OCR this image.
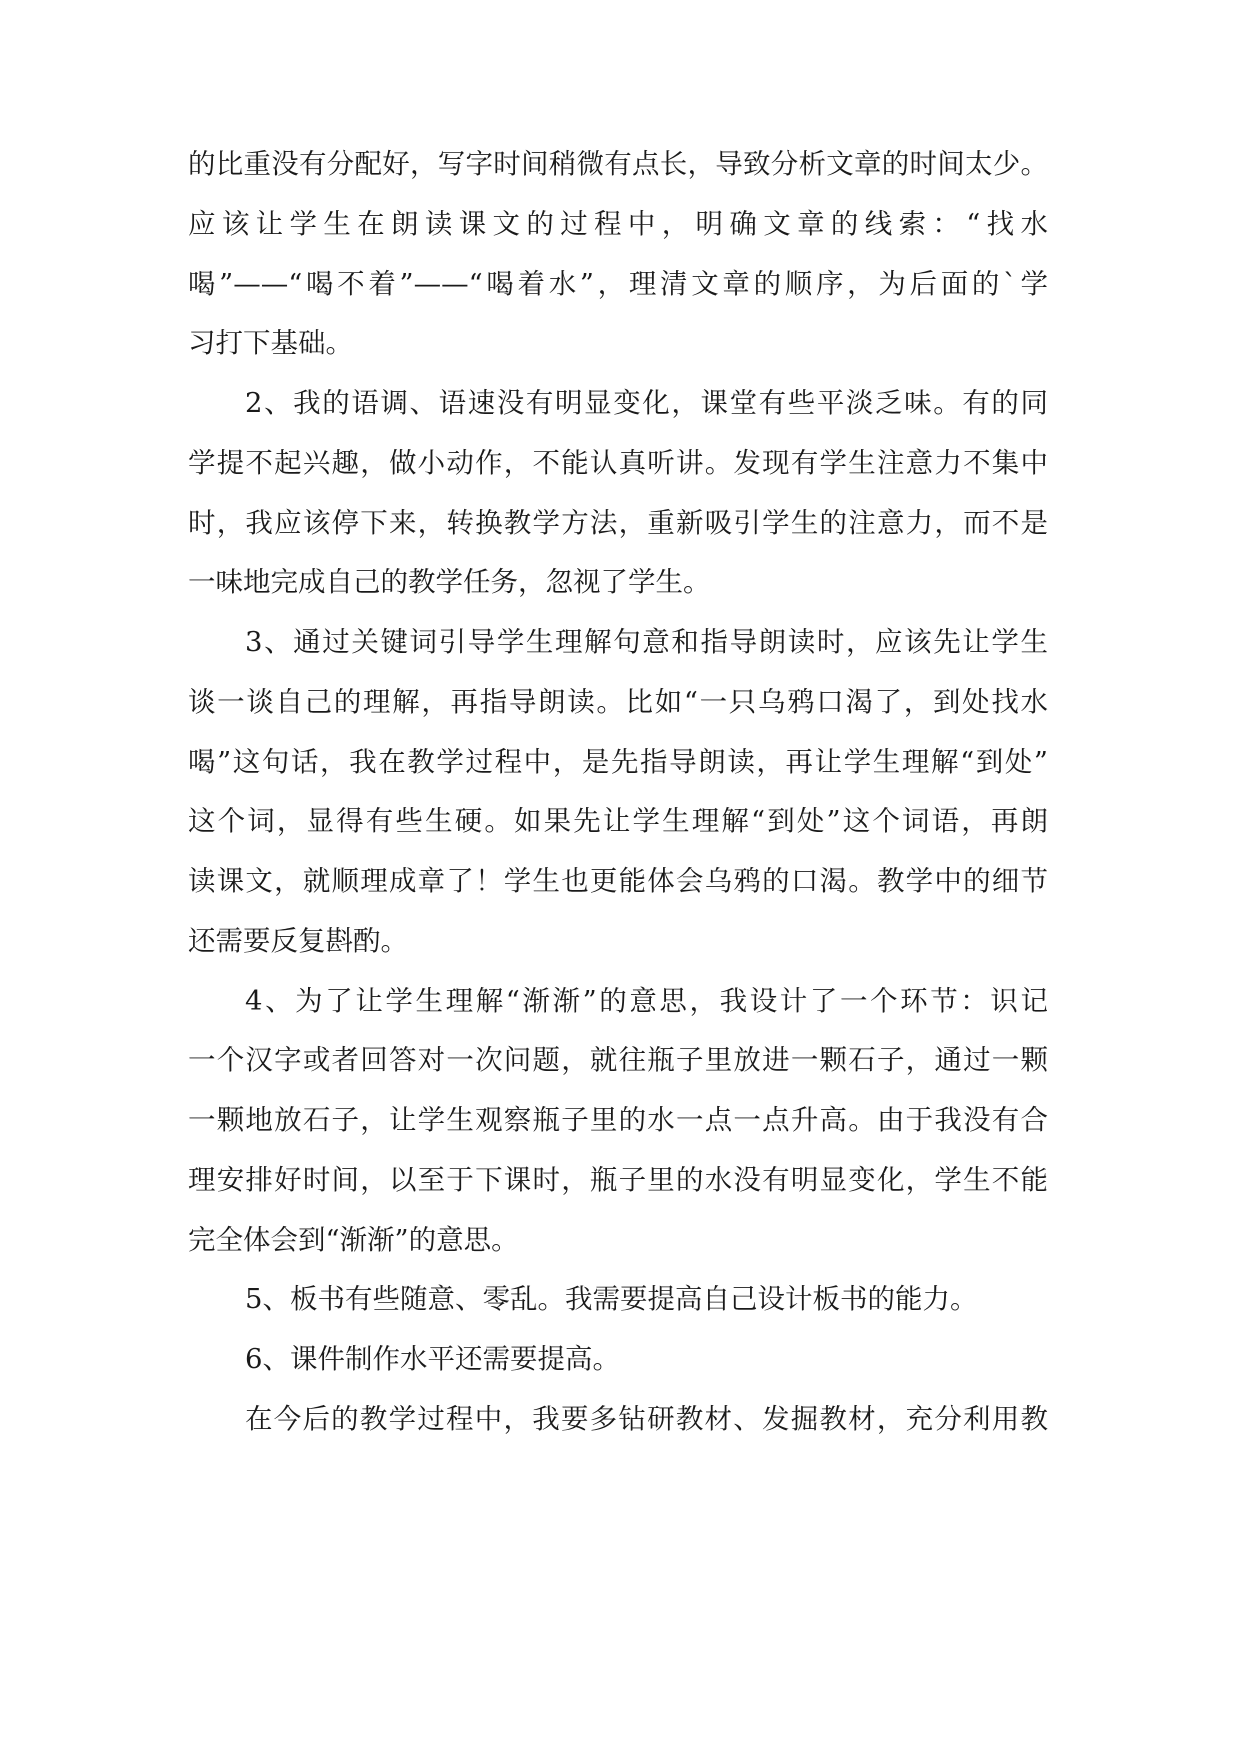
的比重没有分配好，写字时间稍微有点长，导致分析文章的时间太少。

应该让学生在朗读课文的过程中，明确文章的线索：“找水

喝”——“喝不着”——“喝着水”，理清文章的顺序，为后面的`学

习打下基础。

2、我的语调、语速没有明显变化，课堂有些平淡乏味。有的同

学提不起兴趣，做小动作，不能认真听讲。发现有学生注意力不集中

时，我应该停下来，转换教学方法，重新吸引学生的注意力，而不是

一味地完成自己的教学任务，忽视了学生。

3、通过关键词引导学生理解句意和指导朗读时，应该先让学生

谈一谈自己的理解，再指导朗读。比如“一只乌鸦口渴了，到处找水

喝”这句话，我在教学过程中，是先指导朗读，再让学生理解“到处”

这个词，显得有些生硬。如果先让学生理解“到处”这个词语，再朗

读课文，就顺理成章了！学生也更能体会乌鸦的口渴。教学中的细节

还需要反复斟酌。

4、为了让学生理解“渐渐”的意思，我设计了一个环节：识记

一个汉字或者回答对一次问题，就往瓶子里放进一颗石子，通过一颗

一颗地放石子，让学生观察瓶子里的水一点一点升高。由于我没有合

理安排好时间，以至于下课时，瓶子里的水没有明显变化，学生不能

完全体会到“渐渐”的意思。

5、板书有些随意、零乱。我需要提高自己设计板书的能力。

6、课件制作水平还需要提高。

在今后的教学过程中，我要多钻研教材、发掘教材，充分利用教
